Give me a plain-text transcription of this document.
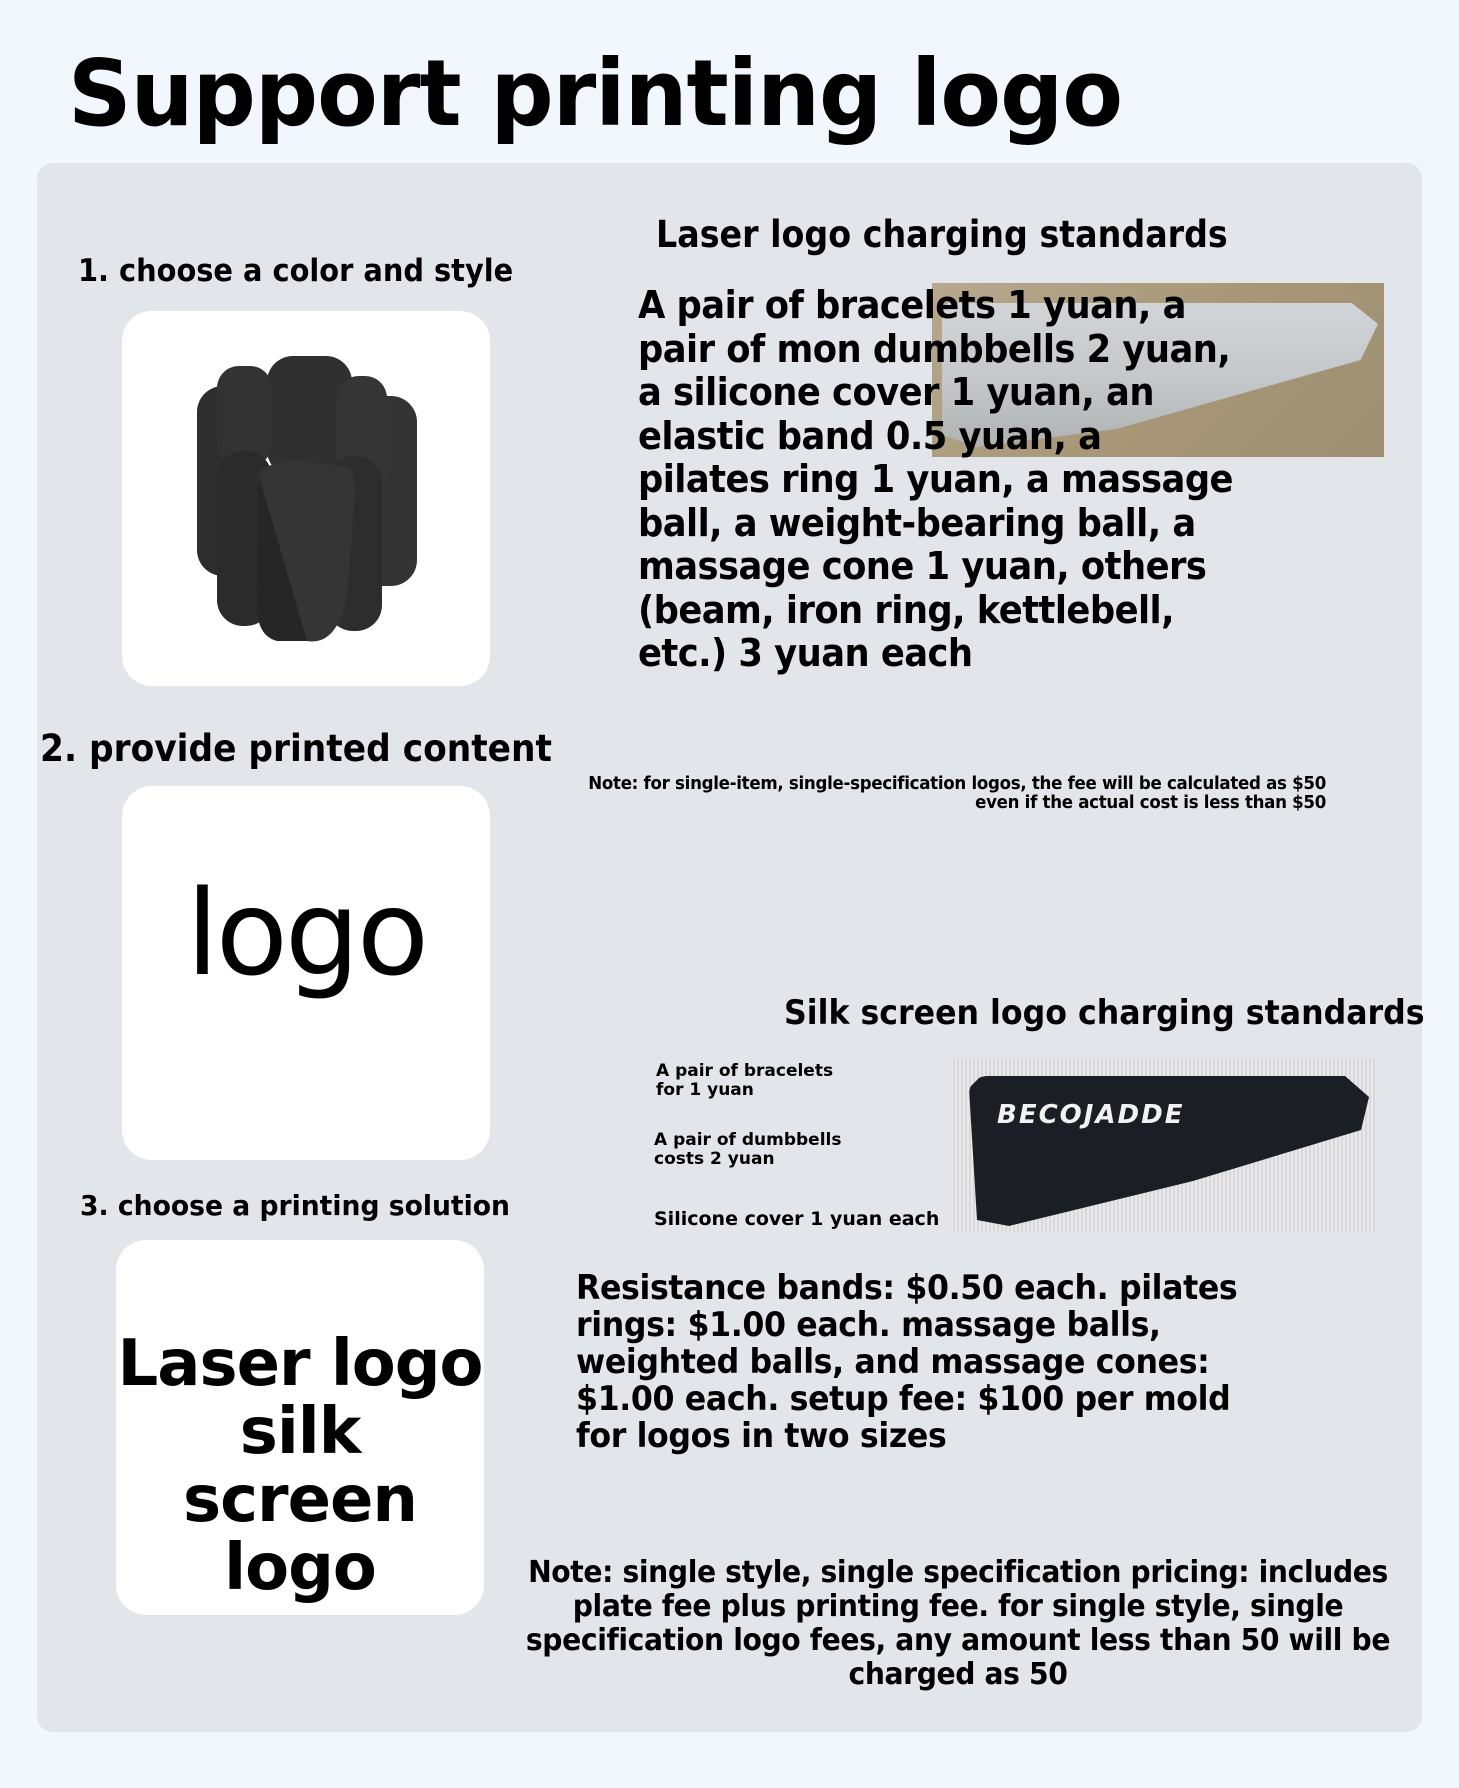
Support printing logo
1. choose a color and style
Laser logo charging standards
A pair of bracelets 1 yuan, a pair of mon dumbbells 2 yuan, a silicone cover 1 yuan, an elastic band 0.5 yuan, a pilates ring 1 yuan, a massage ball, a weight-bearing ball, a massage cone 1 yuan, others (beam, iron ring, kettlebell, etc.) 3 yuan each
2. provide printed content
Note: for single-item, single-specification logos, the fee will be calculated as $50 even if the actual cost is less than $50
logo
Silk screen logo charging standards
A pair of bracelets for 1 yuan
A pair of dumbbells costs 2 yuan
Silicone cover 1 yuan each
BECOJADDE
3. choose a printing solution
Laser logo
silk screen
logo
Resistance bands: $0.50 each. pilates rings: $1.00 each. massage balls, weighted balls, and massage cones: $1.00 each. setup fee: $100 per mold for logos in two sizes
Note: single style, single specification pricing: includes plate fee plus printing fee. for single style, single specification logo fees, any amount less than 50 will be charged as 50
